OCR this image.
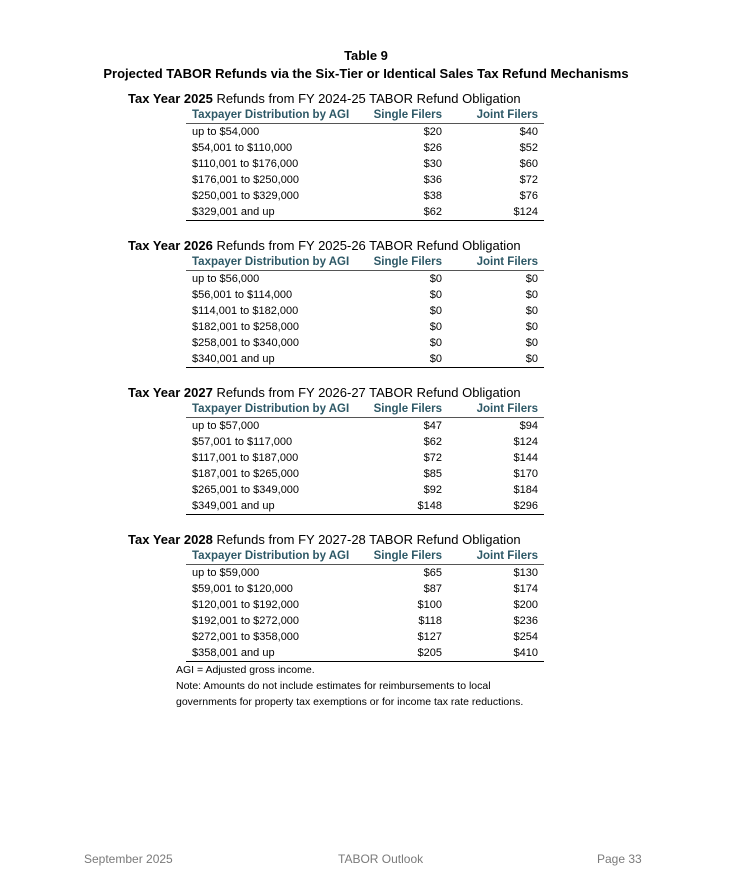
Table 9
Projected TABOR Refunds via the Six-Tier or Identical Sales Tax Refund Mechanisms
Tax Year 2025 Refunds from FY 2024-25 TABOR Refund Obligation
Taxpayer Distribution by AGI	Single Filers	Joint Filers
up to $54,000	$20	$40
$54,001 to $110,000	$26	$52
$110,001 to $176,000	$30	$60
$176,001 to $250,000	$36	$72
$250,001 to $329,000	$38	$76
$329,001 and up	$62	$124
Tax Year 2026 Refunds from FY 2025-26 TABOR Refund Obligation
Taxpayer Distribution by AGI	Single Filers	Joint Filers
up to $56,000	$0	$0
$56,001 to $114,000	$0	$0
$114,001 to $182,000	$0	$0
$182,001 to $258,000	$0	$0
$258,001 to $340,000	$0	$0
$340,001 and up	$0	$0
Tax Year 2027 Refunds from FY 2026-27 TABOR Refund Obligation
Taxpayer Distribution by AGI	Single Filers	Joint Filers
up to $57,000	$47	$94
$57,001 to $117,000	$62	$124
$117,001 to $187,000	$72	$144
$187,001 to $265,000	$85	$170
$265,001 to $349,000	$92	$184
$349,001 and up	$148	$296
Tax Year 2028 Refunds from FY 2027-28 TABOR Refund Obligation
Taxpayer Distribution by AGI	Single Filers	Joint Filers
up to $59,000	$65	$130
$59,001 to $120,000	$87	$174
$120,001 to $192,000	$100	$200
$192,001 to $272,000	$118	$236
$272,001 to $358,000	$127	$254
$358,001 and up	$205	$410
AGI = Adjusted gross income.
Note: Amounts do not include estimates for reimbursements to local
governments for property tax exemptions or for income tax rate reductions.
September 2025	TABOR Outlook	Page 33
